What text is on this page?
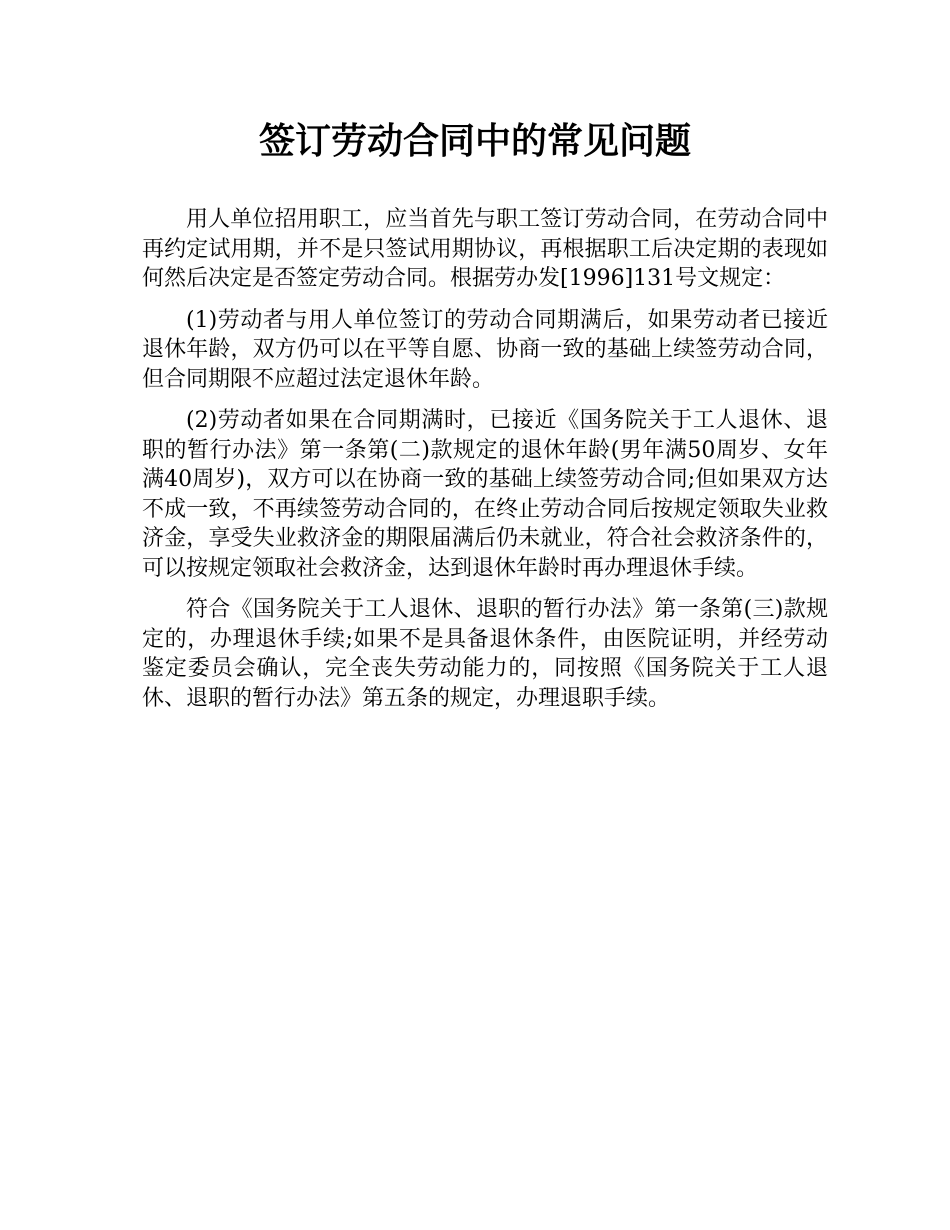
签订劳动合同中的常见问题

用人单位招用职工，应当首先与职工签订劳动合同，在劳动合同中再约定试用期，并不是只签试用期协议，再根据职工后决定期的表现如何然后决定是否签定劳动合同。根据劳办发[1996]131号文规定：

(1)劳动者与用人单位签订的劳动合同期满后，如果劳动者已接近退休年龄，双方仍可以在平等自愿、协商一致的基础上续签劳动合同，但合同期限不应超过法定退休年龄。

(2)劳动者如果在合同期满时，已接近《国务院关于工人退休、退职的暂行办法》第一条第(二)款规定的退休年龄(男年满50周岁、女年满40周岁)，双方可以在协商一致的基础上续签劳动合同;但如果双方达不成一致，不再续签劳动合同的，在终止劳动合同后按规定领取失业救济金，享受失业救济金的期限届满后仍未就业，符合社会救济条件的，可以按规定领取社会救济金，达到退休年龄时再办理退休手续。

符合《国务院关于工人退休、退职的暂行办法》第一条第(三)款规定的，办理退休手续;如果不是具备退休条件，由医院证明，并经劳动鉴定委员会确认，完全丧失劳动能力的，同按照《国务院关于工人退休、退职的暂行办法》第五条的规定，办理退职手续。
